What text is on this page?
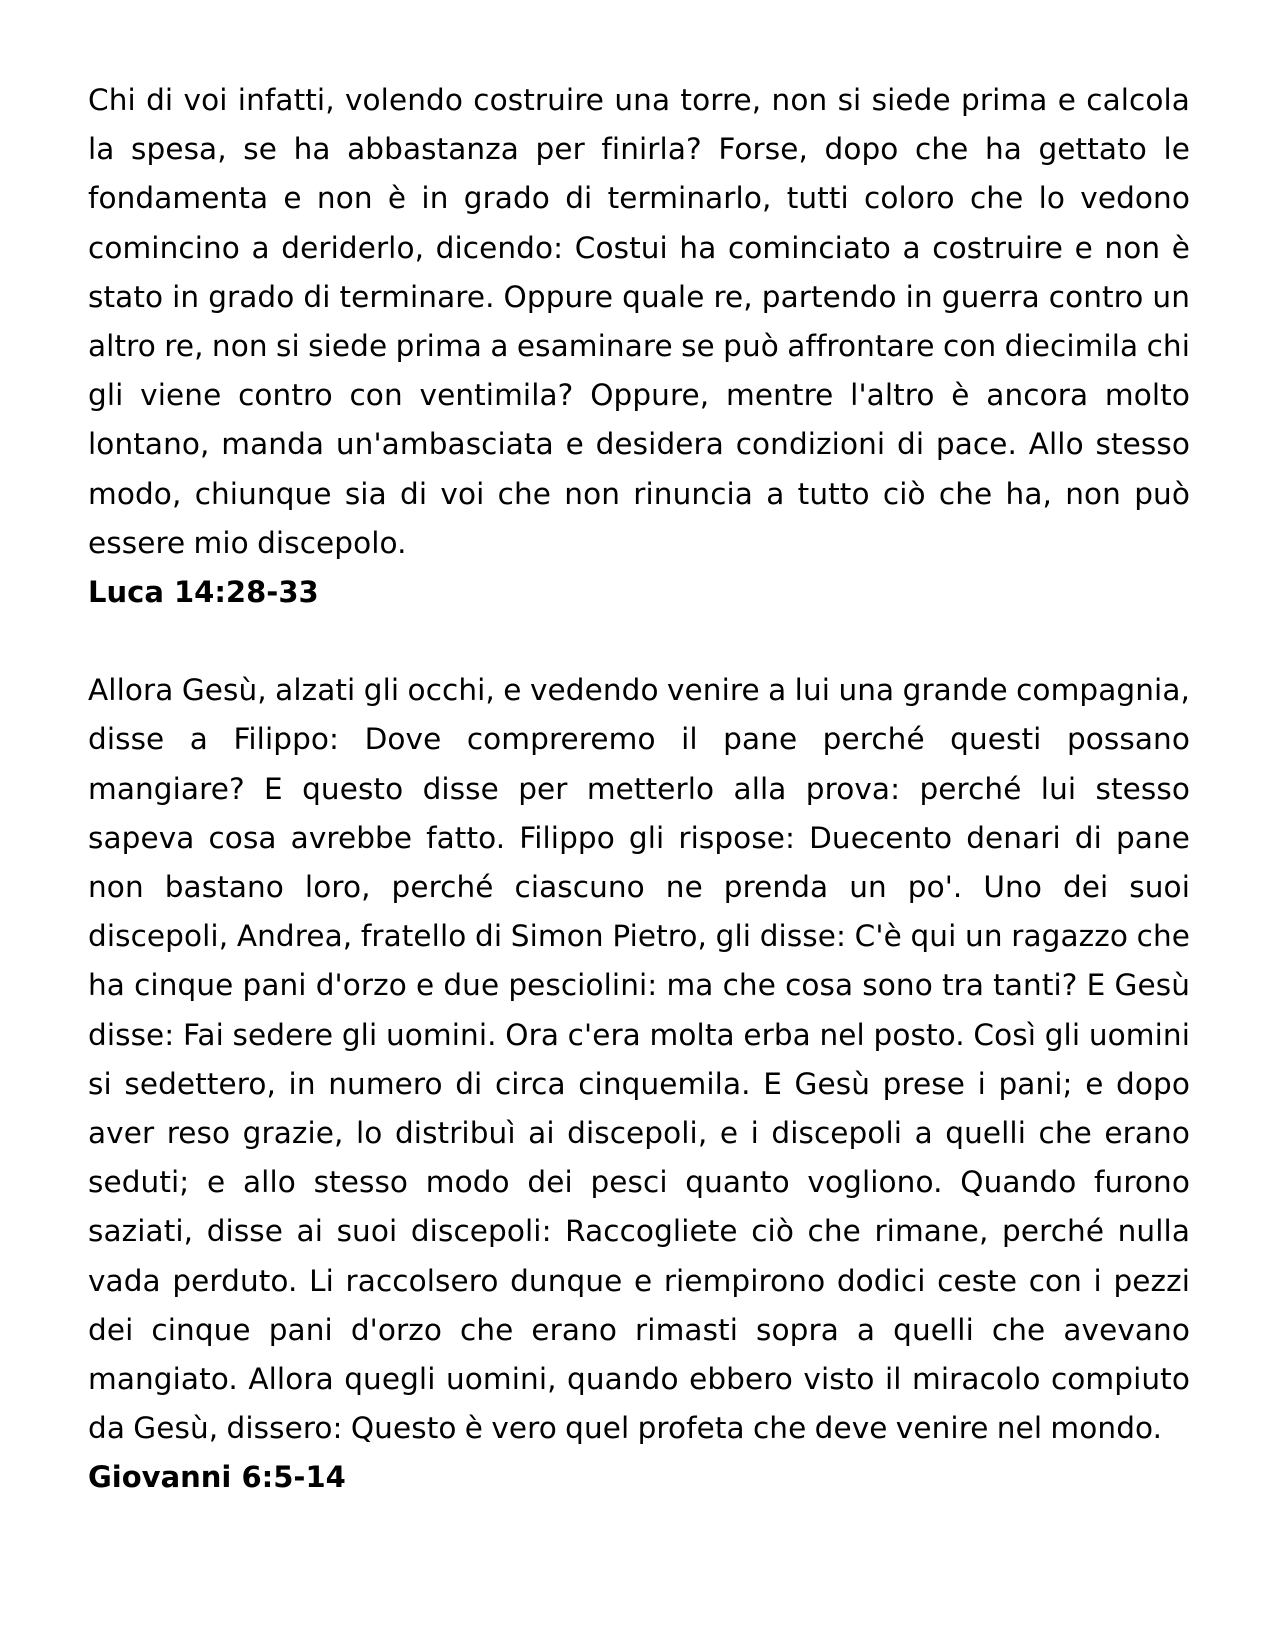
Chi di voi infatti, volendo costruire una torre, non si siede prima e calcola la spesa, se ha abbastanza per finirla? Forse, dopo che ha gettato le fondamenta e non è in grado di terminarlo, tutti coloro che lo vedono comincino a deriderlo, dicendo: Costui ha cominciato a costruire e non è stato in grado di terminare. Oppure quale re, partendo in guerra contro un altro re, non si siede prima a esaminare se può affrontare con diecimila chi gli viene contro con ventimila? Oppure, mentre l'altro è ancora molto lontano, manda un'ambasciata e desidera condizioni di pace. Allo stesso modo, chiunque sia di voi che non rinuncia a tutto ciò che ha, non può essere mio discepolo.

Luca 14:28-33

Allora Gesù, alzati gli occhi, e vedendo venire a lui una grande compagnia, disse a Filippo: Dove compreremo il pane perché questi possano mangiare? E questo disse per metterlo alla prova: perché lui stesso sapeva cosa avrebbe fatto. Filippo gli rispose: Duecento denari di pane non bastano loro, perché ciascuno ne prenda un po'. Uno dei suoi discepoli, Andrea, fratello di Simon Pietro, gli disse: C'è qui un ragazzo che ha cinque pani d'orzo e due pesciolini: ma che cosa sono tra tanti? E Gesù disse: Fai sedere gli uomini. Ora c'era molta erba nel posto. Così gli uomini si sedettero, in numero di circa cinquemila. E Gesù prese i pani; e dopo aver reso grazie, lo distribuì ai discepoli, e i discepoli a quelli che erano seduti; e allo stesso modo dei pesci quanto vogliono. Quando furono saziati, disse ai suoi discepoli: Raccogliete ciò che rimane, perché nulla vada perduto. Li raccolsero dunque e riempirono dodici ceste con i pezzi dei cinque pani d'orzo che erano rimasti sopra a quelli che avevano mangiato. Allora quegli uomini, quando ebbero visto il miracolo compiuto da Gesù, dissero: Questo è vero quel profeta che deve venire nel mondo.

Giovanni 6:5-14
